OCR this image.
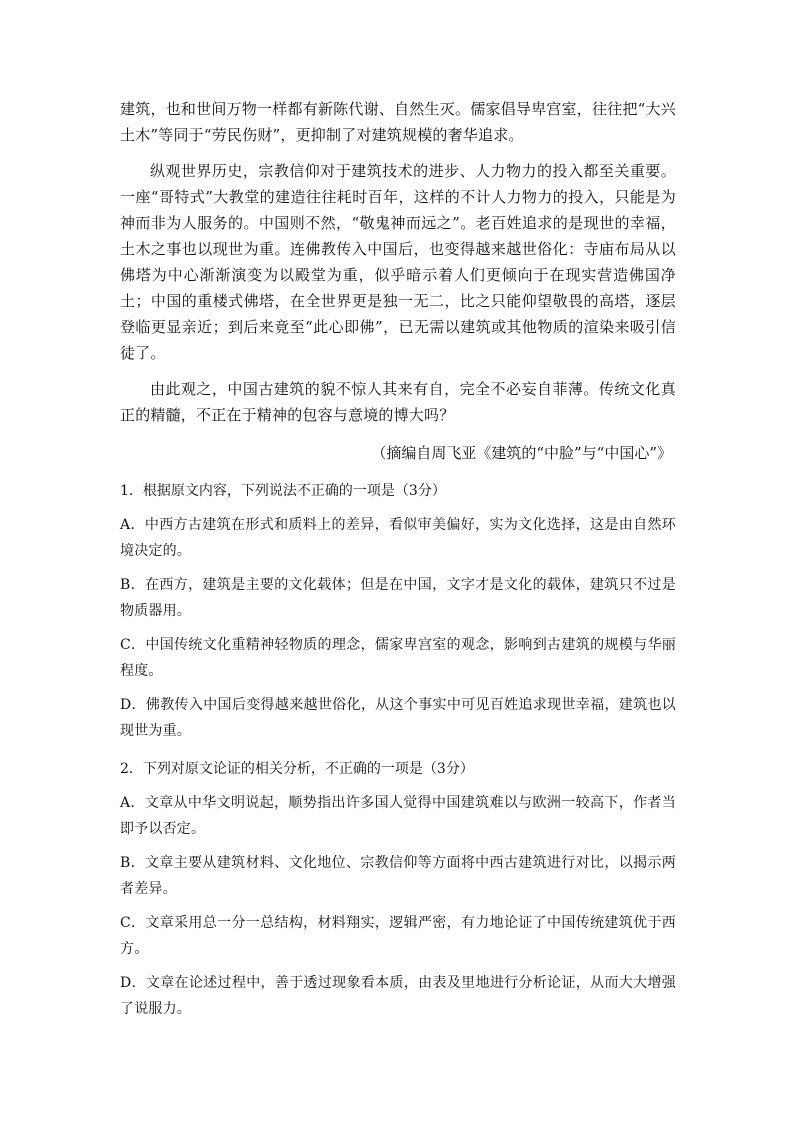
建筑，也和世间万物一样都有新陈代谢、自然生灭。儒家倡导卑宫室，往往把“大兴土木”等同于“劳民伤财”，更抑制了对建筑规模的奢华追求。

纵观世界历史，宗教信仰对于建筑技术的进步、人力物力的投入都至关重要。一座“哥特式”大教堂的建造往往耗时百年，这样的不计人力物力的投入，只能是为神而非为人服务的。中国则不然，“敬鬼神而远之”。老百姓追求的是现世的幸福，土木之事也以现世为重。连佛教传入中国后，也变得越来越世俗化：寺庙布局从以佛塔为中心渐渐演变为以殿堂为重，似乎暗示着人们更倾向于在现实营造佛国净土；中国的重楼式佛塔，在全世界更是独一无二，比之只能仰望敬畏的高塔，逐层登临更显亲近；到后来竟至“此心即佛”，已无需以建筑或其他物质的渲染来吸引信徒了。

由此观之，中国古建筑的貌不惊人其来有自，完全不必妄自菲薄。传统文化真正的精髓，不正在于精神的包容与意境的博大吗？

（摘编自周飞亚《建筑的“中脸”与“中国心”》

1．根据原文内容，下列说法不正确的一项是（3分）

A．中西方古建筑在形式和质料上的差异，看似审美偏好，实为文化选择，这是由自然环境决定的。

B．在西方，建筑是主要的文化载体；但是在中国，文字才是文化的载体，建筑只不过是物质器用。

C．中国传统文化重精神轻物质的理念，儒家卑宫室的观念，影响到古建筑的规模与华丽程度。

D．佛教传入中国后变得越来越世俗化，从这个事实中可见百姓追求现世幸福，建筑也以现世为重。

2．下列对原文论证的相关分析，不正确的一项是（3分）

A．文章从中华文明说起，顺势指出许多国人觉得中国建筑难以与欧洲一较高下，作者当即予以否定。

B．文章主要从建筑材料、文化地位、宗教信仰等方面将中西古建筑进行对比，以揭示两者差异。

C．文章采用总一分一总结构，材料翔实，逻辑严密，有力地论证了中国传统建筑优于西方。

D．文章在论述过程中，善于透过现象看本质，由表及里地进行分析论证，从而大大增强了说服力。
